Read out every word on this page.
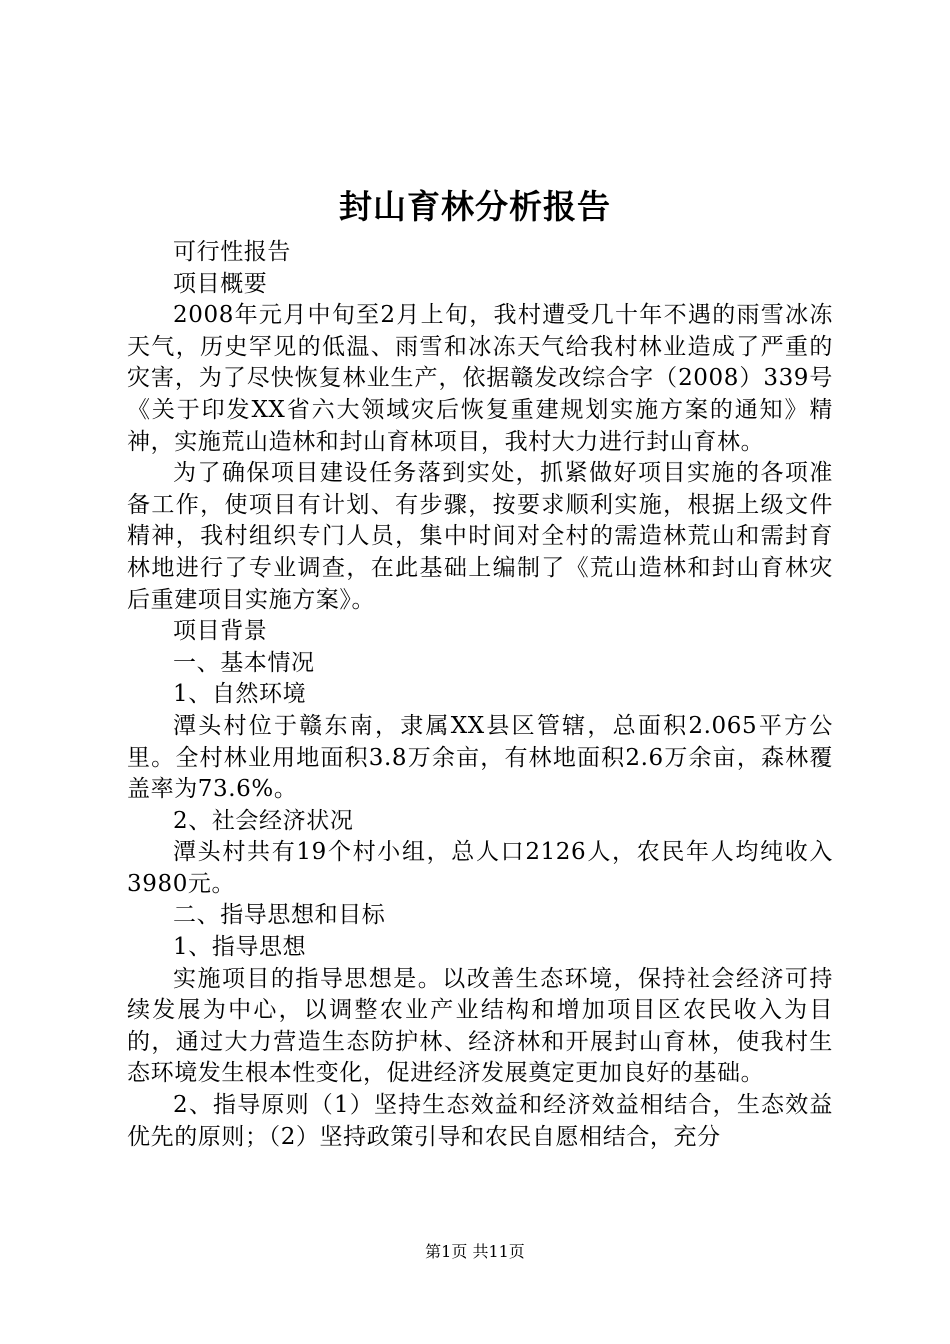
封山育林分析报告

可行性报告

项目概要

2008年元月中旬至2月上旬，我村遭受几十年不遇的雨雪冰冻天气，历史罕见的低温、雨雪和冰冻天气给我村林业造成了严重的灾害，为了尽快恢复林业生产，依据赣发改综合字（2008）339号《关于印发XX省六大领域灾后恢复重建规划实施方案的通知》精神，实施荒山造林和封山育林项目，我村大力进行封山育林。

为了确保项目建设任务落到实处，抓紧做好项目实施的各项准备工作，使项目有计划、有步骤，按要求顺利实施，根据上级文件精神，我村组织专门人员，集中时间对全村的需造林荒山和需封育林地进行了专业调查，在此基础上编制了《荒山造林和封山育林灾后重建项目实施方案》。

项目背景

一、基本情况

1、自然环境

潭头村位于赣东南，隶属XX县区管辖，总面积2.065平方公里。全村林业用地面积3.8万余亩，有林地面积2.6万余亩，森林覆盖率为73.6%。

2、社会经济状况

潭头村共有19个村小组，总人口2126人，农民年人均纯收入3980元。

二、指导思想和目标

1、指导思想

实施项目的指导思想是。以改善生态环境，保持社会经济可持续发展为中心，以调整农业产业结构和增加项目区农民收入为目的，通过大力营造生态防护林、经济林和开展封山育林，使我村生态环境发生根本性变化，促进经济发展奠定更加良好的基础。

2、指导原则（1）坚持生态效益和经济效益相结合，生态效益优先的原则；（2）坚持政策引导和农民自愿相结合，充分

第1页 共11页
